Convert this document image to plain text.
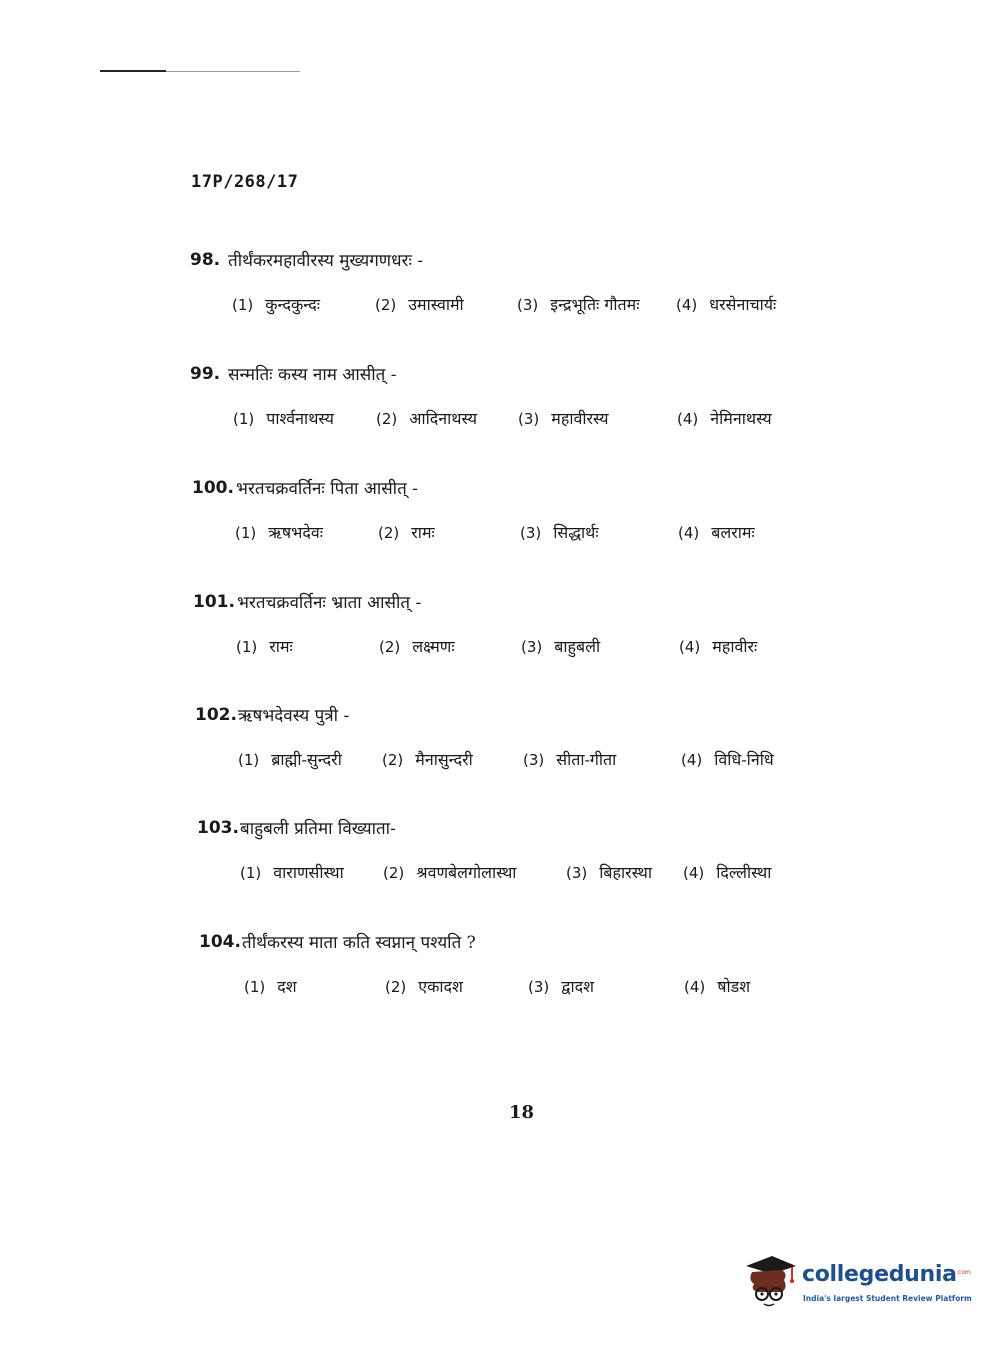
17P/268/17
98. तीर्थंकरमहावीरस्य मुख्यगणधरः -
(1) कुन्दकुन्दः	(2) उमास्वामी	(3) इन्द्रभूतिः गौतमः (4) धरसेनाचार्यः
99. सन्मतिः कस्य नाम आसीत् -
(1) पार्श्वनाथस्य	(2) आदिनाथस्य	(3) महावीरस्य	(4) नेमिनाथस्य
100. भरतचक्रवर्तिनः पिता आसीत् -
(1) ऋषभदेवः	(2) रामः	(3) सिद्धार्थः	(4) बलरामः
101. भरतचक्रवर्तिनः भ्राता आसीत् -
(1) रामः	(2) लक्ष्मणः	(3) बाहुबली	(4) महावीरः
102. ऋषभदेवस्य पुत्री -
(1) ब्राह्मी-सुन्दरी	(2) मैनासुन्दरी	(3) सीता-गीता	(4) विधि-निधि
103. बाहुबली प्रतिमा विख्याता-
(1) वाराणसीस्था	(2) श्रवणबेलगोलास्था	(3) बिहारस्था (4) दिल्लीस्था
104. तीर्थंकरस्य माता कति स्वप्नान् पश्यति ?
(1) दश	(2) एकादश	(3) द्वादश	(4) षोडश
18
collegedunia .com
India's largest Student Review Platform
